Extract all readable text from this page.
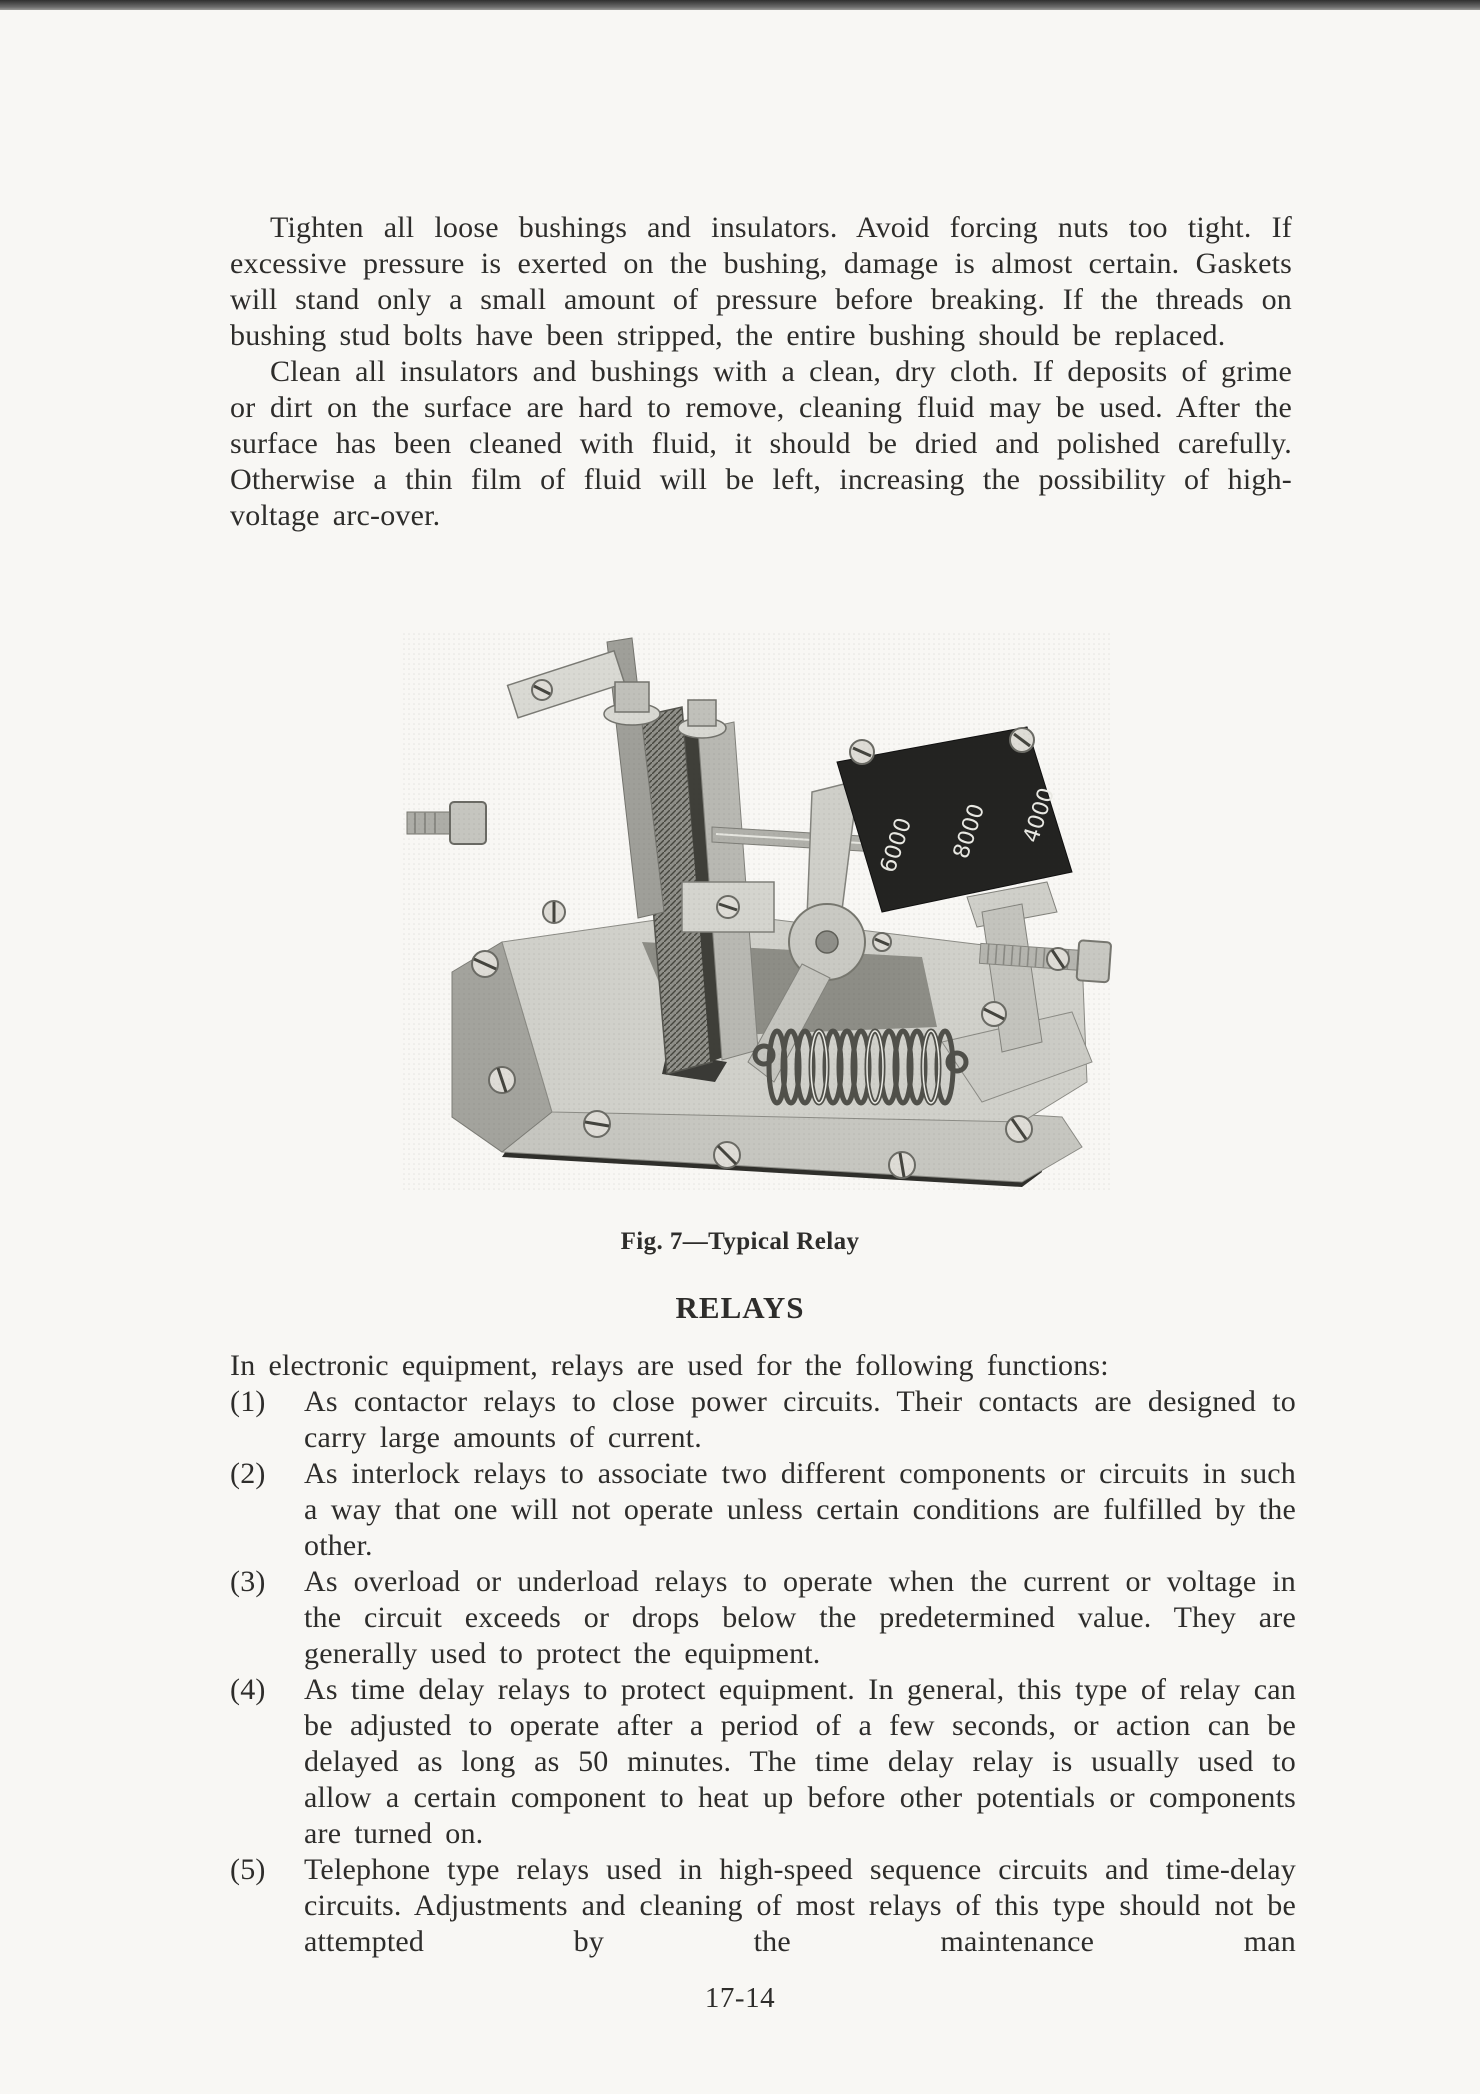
Tighten all loose bushings and insulators. Avoid forcing nuts too tight. If excessive pressure is exerted on the bushing, damage is almost certain. Gaskets will stand only a small amount of pressure before breaking. If the threads on bushing stud bolts have been stripped, the entire bushing should be replaced.

Clean all insulators and bushings with a clean, dry cloth. If deposits of grime or dirt on the surface are hard to remove, cleaning fluid may be used. After the surface has been cleaned with fluid, it should be dried and polished carefully. Otherwise a thin film of fluid will be left, increasing the possibility of high-voltage arc-over.

6000 8000 4000
Fig. 7—Typical Relay
RELAYS

In electronic equipment, relays are used for the following functions:

(1)	As contactor relays to close power circuits. Their contacts are designed to carry large amounts of current.
(2)	As interlock relays to associate two different components or circuits in such a way that one will not operate unless certain conditions are fulfilled by the other.
(3)	As overload or underload relays to operate when the current or voltage in the circuit exceeds or drops below the predetermined value. They are generally used to protect the equipment.
(4)	As time delay relays to protect equipment. In general, this type of relay can be adjusted to operate after a period of a few seconds, or action can be delayed as long as 50 minutes. The time delay relay is usually used to allow a certain component to heat up before other potentials or components are turned on.
(5)	Telephone type relays used in high-speed sequence circuits and time-delay circuits. Adjustments and cleaning of most relays of this type should not be attempted by the maintenance man
17-14
